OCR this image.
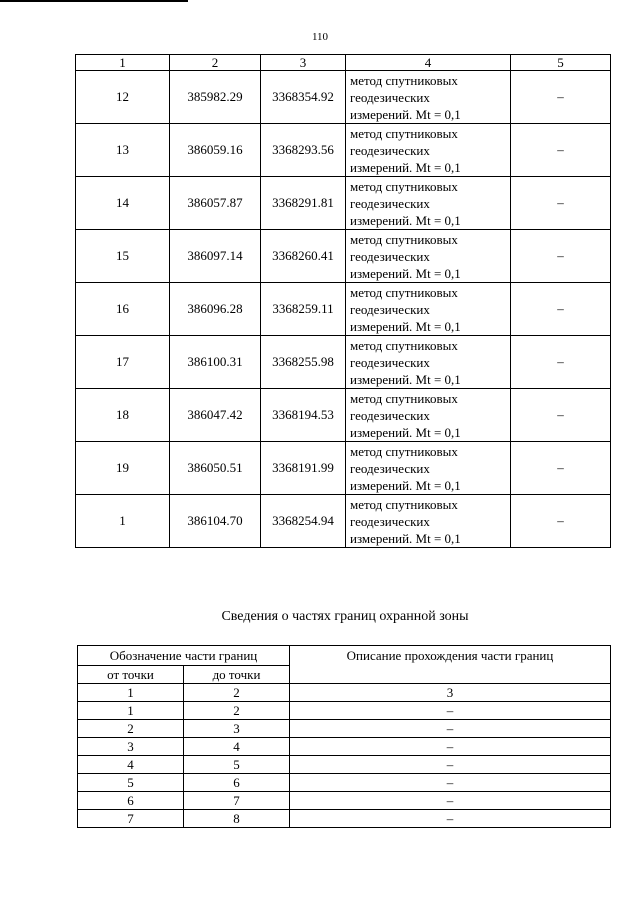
110
1	2	3	4	5
12	385982.29	3368354.92	метод спутниковых
геодезических
измерений. Mt = 0,1	–
13	386059.16	3368293.56	метод спутниковых
геодезических
измерений. Mt = 0,1	–
14	386057.87	3368291.81	метод спутниковых
геодезических
измерений. Mt = 0,1	–
15	386097.14	3368260.41	метод спутниковых
геодезических
измерений. Mt = 0,1	–
16	386096.28	3368259.11	метод спутниковых
геодезических
измерений. Mt = 0,1	–
17	386100.31	3368255.98	метод спутниковых
геодезических
измерений. Mt = 0,1	–
18	386047.42	3368194.53	метод спутниковых
геодезических
измерений. Mt = 0,1	–
19	386050.51	3368191.99	метод спутниковых
геодезических
измерений. Mt = 0,1	–
1	386104.70	3368254.94	метод спутниковых
геодезических
измерений. Mt = 0,1	–
Сведения о частях границ охранной зоны
Обозначение части границ		Описание прохождения части границ
от точки	до точки	
1	2	3
1	2	–
2	3	–
3	4	–
4	5	–
5	6	–
6	7	–
7	8	–
